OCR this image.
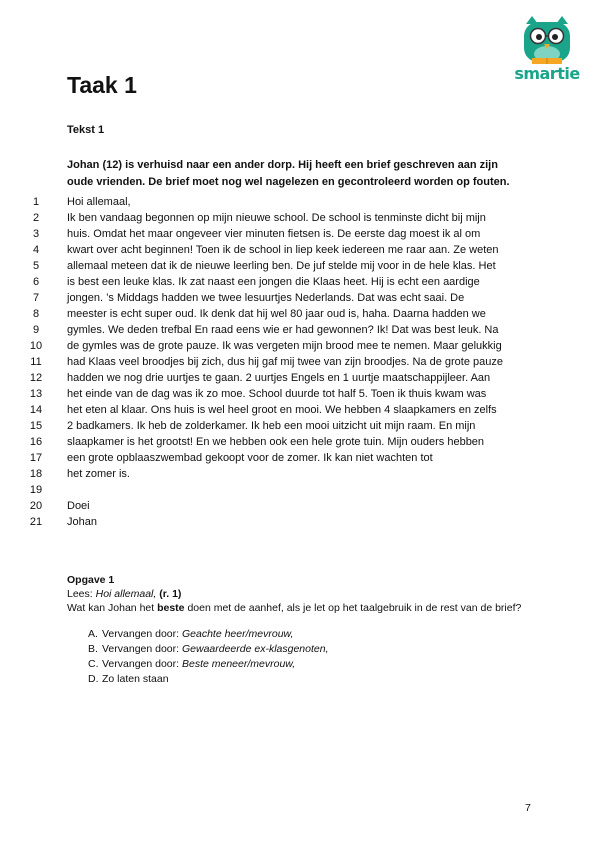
smartie
Taak 1
Tekst 1
Johan (12) is verhuisd naar een ander dorp. Hij heeft een brief geschreven aan zijn oude vrienden. De brief moet nog wel nagelezen en gecontroleerd worden op fouten.
1	Hoi allemaal,
2	Ik ben vandaag begonnen op mijn nieuwe school. De school is tenminste dicht bij mijn
3	huis. Omdat het maar ongeveer vier minuten fietsen is. De eerste dag moest ik al om
4	kwart over acht beginnen! Toen ik de school in liep keek iedereen me raar aan. Ze weten
5	allemaal meteen dat ik de nieuwe leerling ben. De juf stelde mij voor in de hele klas. Het
6	is best een leuke klas. Ik zat naast een jongen die Klaas heet. Hij is echt een aardige
7	jongen. ’s Middags hadden we twee lesuurtjes Nederlands. Dat was echt saai. De
8	meester is echt super oud. Ik denk dat hij wel 80 jaar oud is, haha. Daarna hadden we
9	gymles. We deden trefbal En raad eens wie er had gewonnen? Ik! Dat was best leuk. Na
10	de gymles was de grote pauze. Ik was vergeten mijn brood mee te nemen. Maar gelukkig
11	had Klaas veel broodjes bij zich, dus hij gaf mij twee van zijn broodjes. Na de grote pauze
12	hadden we nog drie uurtjes te gaan. 2 uurtjes Engels en 1 uurtje maatschappijleer. Aan
13	het einde van de dag was ik zo moe. School duurde tot half 5. Toen ik thuis kwam was
14	het eten al klaar. Ons huis is wel heel groot en mooi. We hebben 4 slaapkamers en zelfs
15	2 badkamers. Ik heb de zolderkamer. Ik heb een mooi uitzicht uit mijn raam. En mijn
16	slaapkamer is het grootst! En we hebben ook een hele grote tuin. Mijn ouders hebben
17	een grote opblaaszwembad gekoopt voor de zomer. Ik kan niet wachten tot
18	het zomer is.
19
20	Doei
21	Johan
Opgave 1
Lees: Hoi allemaal, (r. 1)
Wat kan Johan het beste doen met de aanhef, als je let op het taalgebruik in de rest van de brief?
A. Vervangen door: Geachte heer/mevrouw,
B. Vervangen door: Gewaardeerde ex-klasgenoten,
C. Vervangen door: Beste meneer/mevrouw,
D. Zo laten staan
7
